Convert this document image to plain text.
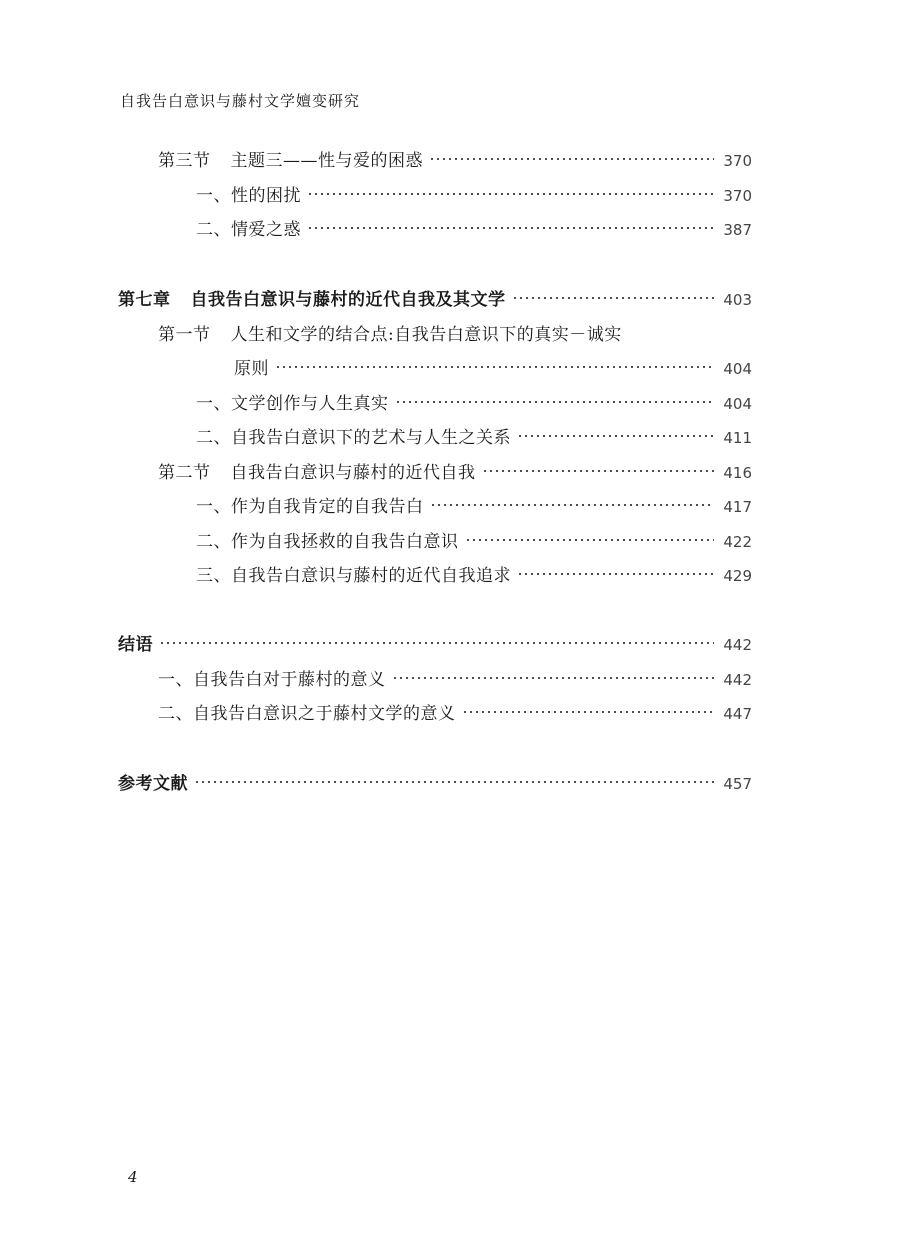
自我告白意识与藤村文学嬗变研究
第三节 主题三——性与爱的困惑	370
一、性的困扰	370
二、情爱之惑	387
第七章 自我告白意识与藤村的近代自我及其文学	403
第一节 人生和文学的结合点:自我告白意识下的真实－诚实
原则	404
一、文学创作与人生真实	404
二、自我告白意识下的艺术与人生之关系	411
第二节 自我告白意识与藤村的近代自我	416
一、作为自我肯定的自我告白	417
二、作为自我拯救的自我告白意识	422
三、自我告白意识与藤村的近代自我追求	429
结语	442
一、自我告白对于藤村的意义	442
二、自我告白意识之于藤村文学的意义	447
参考文献	457
4
